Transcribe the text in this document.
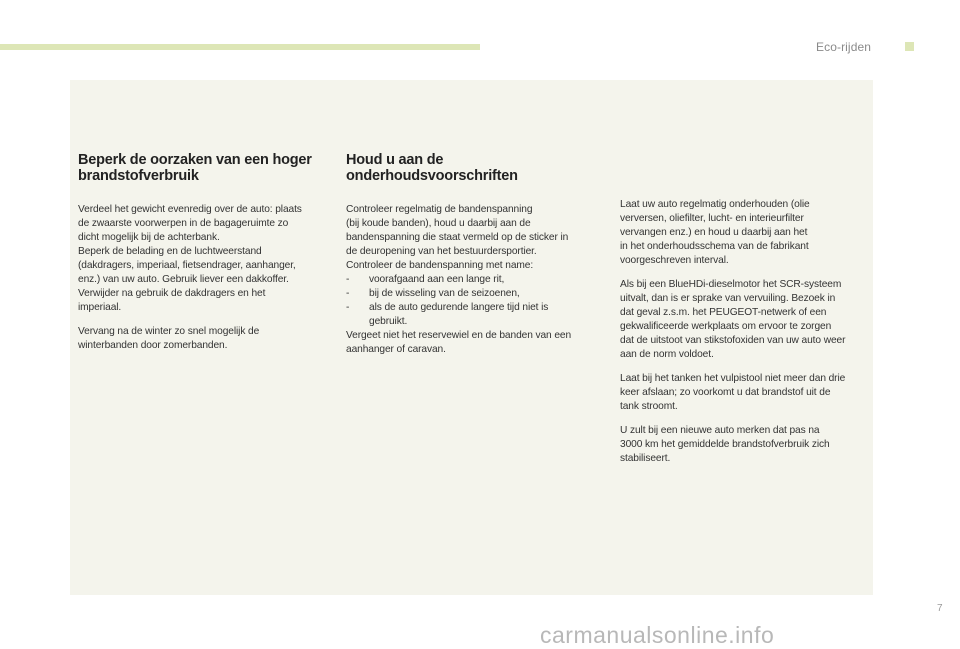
Eco-rijden
Beperk de oorzaken van een hoger
brandstofverbruik

Verdeel het gewicht evenredig over de auto: plaats
de zwaarste voorwerpen in de bagageruimte zo
dicht mogelijk bij de achterbank.
Beperk de belading en de luchtweerstand
(dakdragers, imperiaal, fietsendrager, aanhanger,
enz.) van uw auto. Gebruik liever een dakkoffer.
Verwijder na gebruik de dakdragers en het
imperiaal.

Vervang na de winter zo snel mogelijk de
winterbanden door zomerbanden.

Houd u aan de
onderhoudsvoorschriften

Controleer regelmatig de bandenspanning
(bij koude banden), houd u daarbij aan de
bandenspanning die staat vermeld op de sticker in
de deuropening van het bestuurdersportier.
Controleer de bandenspanning met name:

-	voorafgaand aan een lange rit,
-	bij de wisseling van de seizoenen,
-	als de auto gedurende langere tijd niet is
gebruikt.

Vergeet niet het reservewiel en de banden van een
aanhanger of caravan.

Laat uw auto regelmatig onderhouden (olie
verversen, oliefilter, lucht- en interieurfilter
vervangen enz.) en houd u daarbij aan het
in het onderhoudsschema van de fabrikant
voorgeschreven interval.

Als bij een BlueHDi-dieselmotor het SCR-systeem
uitvalt, dan is er sprake van vervuiling. Bezoek in
dat geval z.s.m. het PEUGEOT-netwerk of een
gekwalificeerde werkplaats om ervoor te zorgen
dat de uitstoot van stikstofoxiden van uw auto weer
aan de norm voldoet.

Laat bij het tanken het vulpistool niet meer dan drie
keer afslaan; zo voorkomt u dat brandstof uit de
tank stroomt.

U zult bij een nieuwe auto merken dat pas na
3000 km het gemiddelde brandstofverbruik zich
stabiliseert.

7
carmanualsonline.info
